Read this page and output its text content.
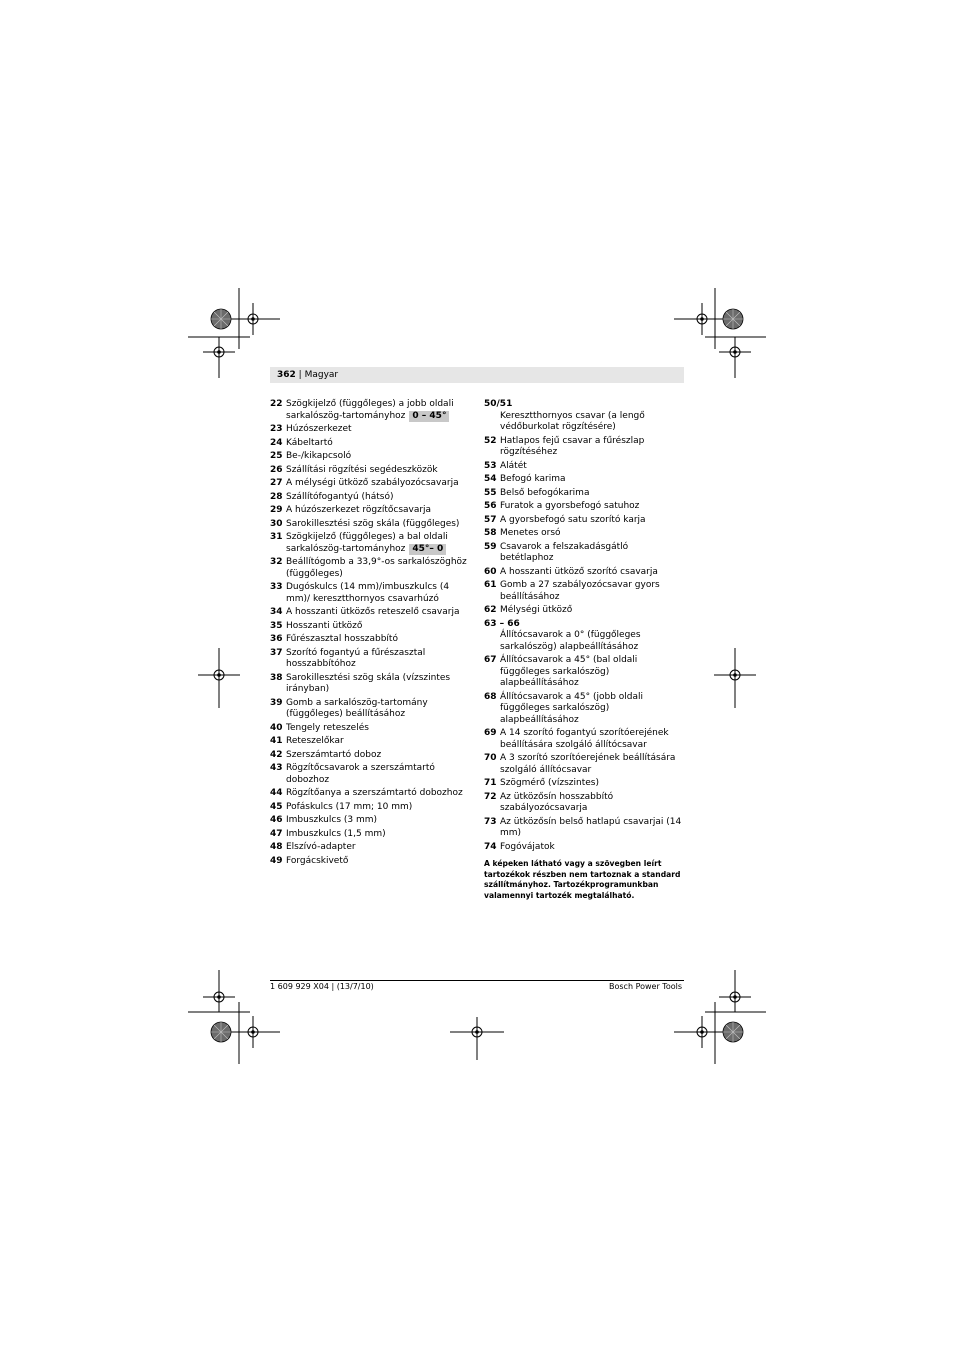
362 | Magyar
22 Szögkijelző (függőleges) a jobb oldali sarkalószög-tartományhoz 0 – 45°
23 Húzószerkezet
24 Kábeltartó
25 Be-/kikapcsoló
26 Szállítási rögzítési segédeszközök
27 A mélységi ütköző szabályozócsavarja
28 Szállítófogantyú (hátsó)
29 A húzószerkezet rögzítőcsavarja
30 Sarokillesztési szög skála (függőleges)
31 Szögkijelző (függőleges) a bal oldali sarkalószög-tartományhoz 45°– 0
32 Beállítógomb a 33,9°-os sarkalószöghöz (függőleges)
33 Dugóskulcs (14 mm)/imbuszkulcs (4 mm)/ keresztthornyos csavarhúzó
34 A hosszanti ütközős reteszelő csavarja
35 Hosszanti ütköző
36 Fűrészasztal hosszabbító
37 Szorító fogantyú a fűrészasztal hosszabbítóhoz
38 Sarokillesztési szög skála (vízszintes irányban)
39 Gomb a sarkalószög-tartomány (függőleges) beállításához
40 Tengely reteszelés
41 Reteszelőkar
42 Szerszámtartó doboz
43 Rögzítőcsavarok a szerszámtartó dobozhoz
44 Rögzítőanya a szerszámtartó dobozhoz
45 Pofáskulcs (17 mm; 10 mm)
46 Imbuszkulcs (3 mm)
47 Imbuszkulcs (1,5 mm)
48 Elszívó-adapter
49 Forgácskivető
50/51
Keresztthornyos csavar (a lengő védőburkolat rögzítésére)
52 Hatlapos fejű csavar a fűrészlap rögzítéséhez
53 Alátét
54 Befogó karima
55 Belső befogókarima
56 Furatok a gyorsbefogó satuhoz
57 A gyorsbefogó satu szorító karja
58 Menetes orsó
59 Csavarok a felszakadásgátló betétlaphoz
60 A hosszanti ütköző szorító csavarja
61 Gomb a 27 szabályozócsavar gyors beállításához
62 Mélységi ütköző
63 – 66
Állítócsavarok a 0° (függőleges sarkalószög) alapbeállításához
67 Állítócsavarok a 45° (bal oldali függőleges sarkalószög) alapbeállításához
68 Állítócsavarok a 45° (jobb oldali függőleges sarkalószög) alapbeállításához
69 A 14 szorító fogantyú szorítóerejének beállítására szolgáló állítócsavar
70 A 3 szorító szorítóerejének beállítására szolgáló állítócsavar
71 Szögmérő (vízszintes)
72 Az ütközősín hosszabbító szabályozócsavarja
73 Az ütközősín belső hatlapú csavarjai (14 mm)
74 Fogóvájatok
A képeken látható vagy a szövegben leírt tartozékok részben nem tartoznak a standard szállítmányhoz. Tartozékprogramunkban valamennyi tartozék megtalálható.
1 609 929 X04 | (13/7/10)	Bosch Power Tools
